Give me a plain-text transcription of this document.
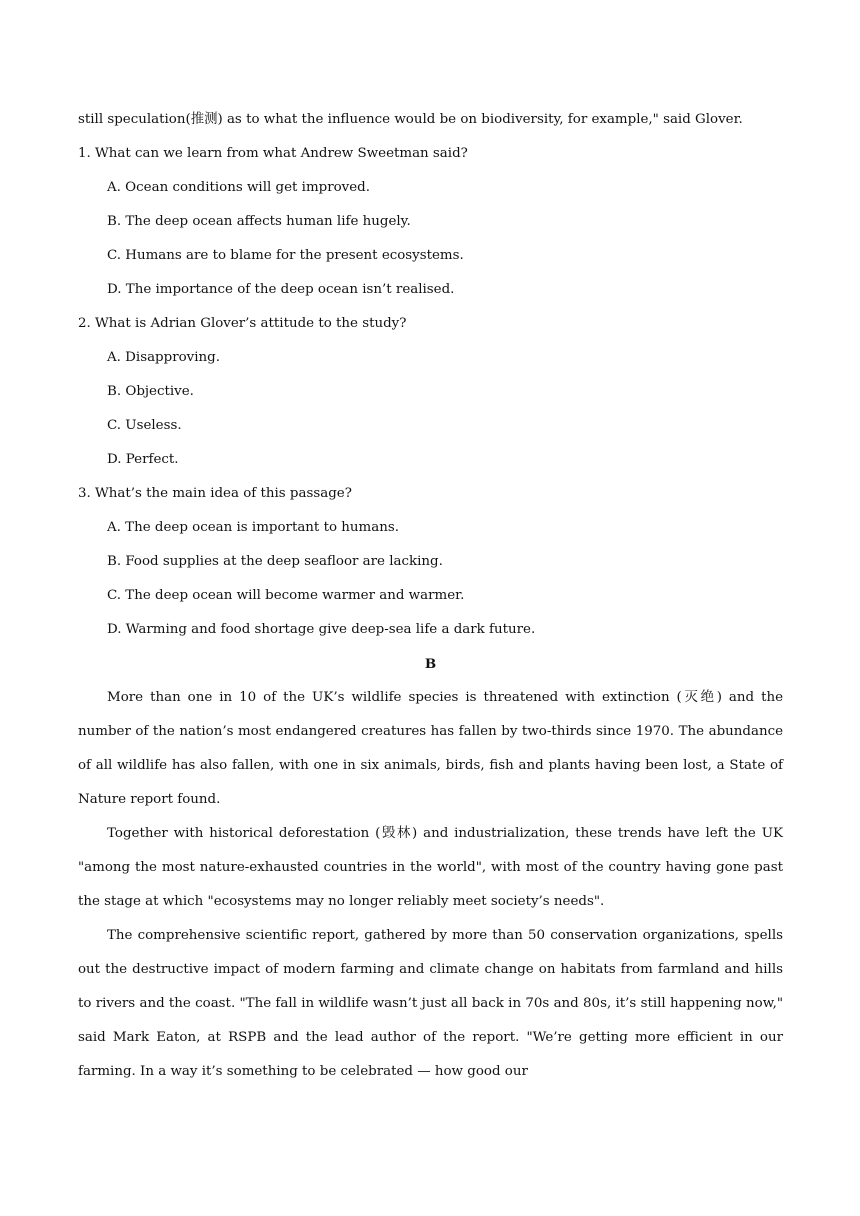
still speculation(推测) as to what the influence would be on biodiversity, for example," said Glover.

1. What can we learn from what Andrew Sweetman said?

A. Ocean conditions will get improved.

B. The deep ocean affects human life hugely.

C. Humans are to blame for the present ecosystems.

D. The importance of the deep ocean isn’t realised.

2. What is Adrian Glover’s attitude to the study?

A. Disapproving.

B. Objective.

C. Useless.

D. Perfect.

3. What’s the main idea of this passage?

A. The deep ocean is important to humans.

B. Food supplies at the deep seafloor are lacking.

C. The deep ocean will become warmer and warmer.

D. Warming and food shortage give deep-sea life a dark future.

B

More than one in 10 of the UK’s wildlife species is threatened with extinction (灭绝) and the number of the nation’s most endangered creatures has fallen by two-thirds since 1970. The abundance of all wildlife has also fallen, with one in six animals, birds, fish and plants having been lost, a State of Nature report found.

Together with historical deforestation (毁林) and industrialization, these trends have left the UK "among the most nature-exhausted countries in the world", with most of the country having gone past the stage at which "ecosystems may no longer reliably meet society’s needs".

The comprehensive scientific report, gathered by more than 50 conservation organizations, spells out the destructive impact of modern farming and climate change on habitats from farmland and hills to rivers and the coast. "The fall in wildlife wasn’t just all back in 70s and 80s, it’s still happening now," said Mark Eaton, at RSPB and the lead author of the report. "We’re getting more efficient in our farming. In a way it’s something to be celebrated — how good our
